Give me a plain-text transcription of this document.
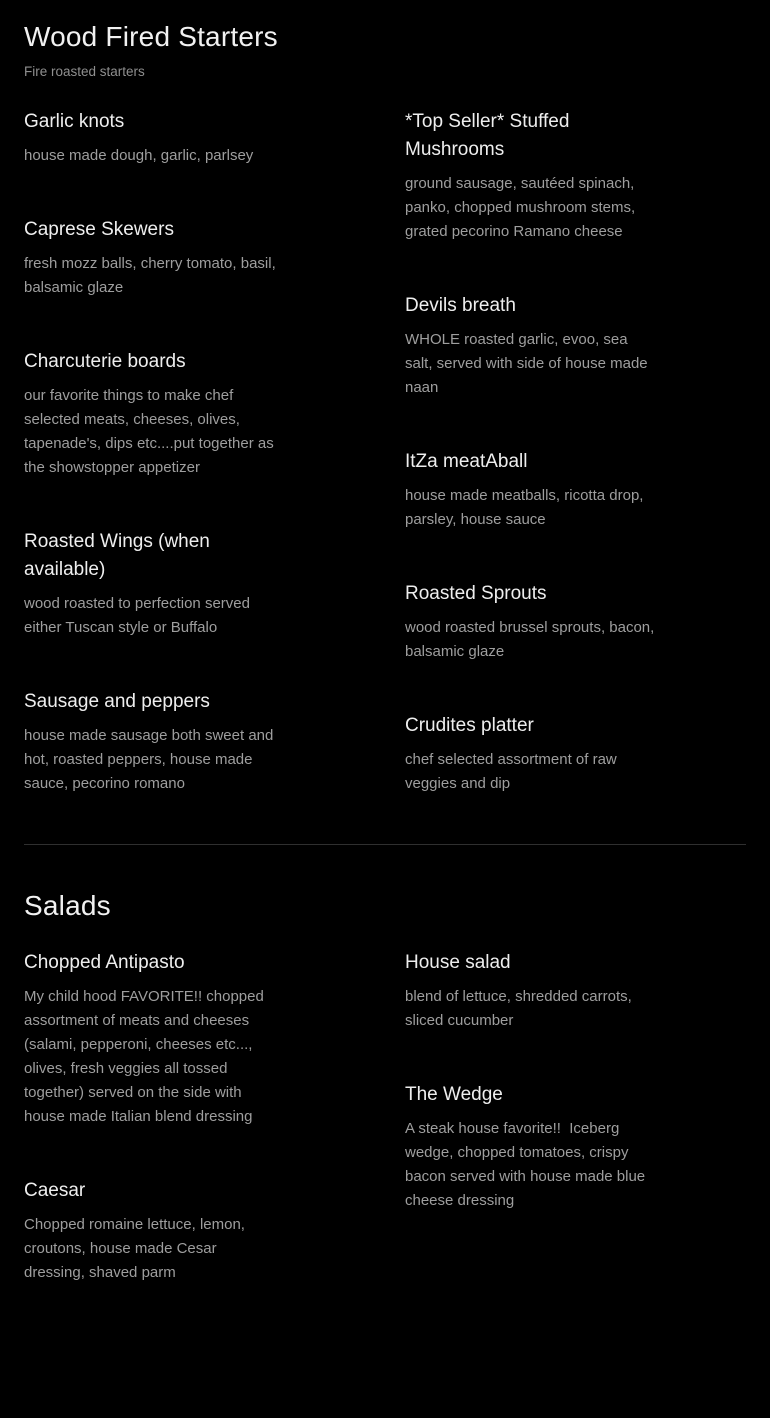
Wood Fired Starters

Fire roasted starters

Garlic knots

house made dough, garlic, parlsey

Caprese Skewers

fresh mozz balls, cherry tomato, basil, balsamic glaze

Charcuterie boards

our favorite things to make chef selected meats, cheeses, olives, tapenade's, dips etc....put together as the showstopper appetizer

Roasted Wings (when available)

wood roasted to perfection served either Tuscan style or Buffalo

Sausage and peppers

house made sausage both sweet and hot, roasted peppers, house made sauce, pecorino romano

*Top Seller* Stuffed Mushrooms

ground sausage, sautéed spinach, panko, chopped mushroom stems, grated pecorino Ramano cheese

Devils breath

WHOLE roasted garlic, evoo, sea salt, served with side of house made naan

ItZa meatAball

house made meatballs, ricotta drop, parsley, house sauce

Roasted Sprouts

wood roasted brussel sprouts, bacon, balsamic glaze

Crudites platter

chef selected assortment of raw veggies and dip

Salads
Chopped Antipasto

My child hood FAVORITE!! chopped assortment of meats and cheeses (salami, pepperoni, cheeses etc..., olives, fresh veggies all tossed together) served on the side with house made Italian blend dressing

Caesar

Chopped romaine lettuce, lemon, croutons, house made Cesar dressing, shaved parm

House salad

blend of lettuce, shredded carrots, sliced cucumber

The Wedge

A steak house favorite!!  Iceberg wedge, chopped tomatoes, crispy bacon served with house made blue cheese dressing
